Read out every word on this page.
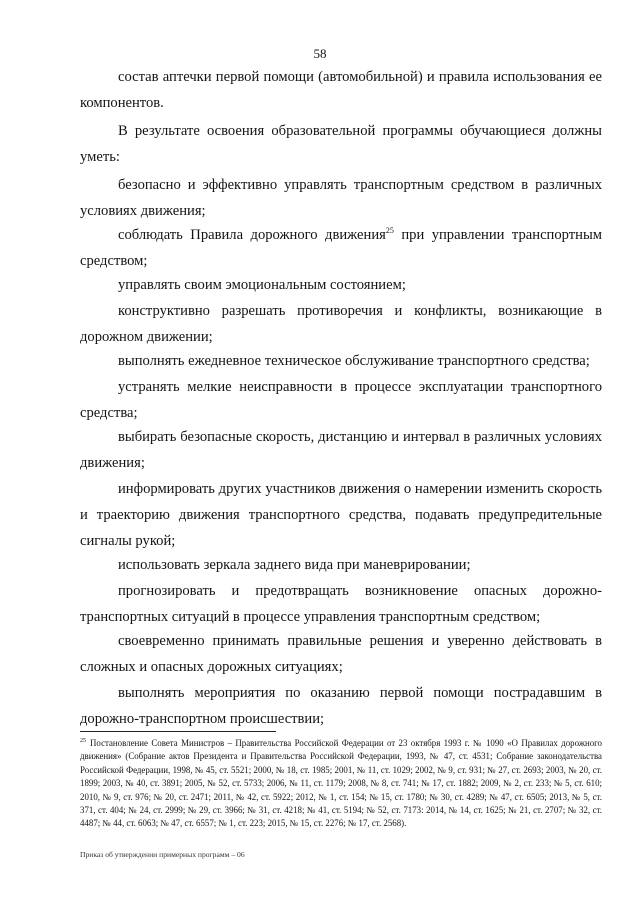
58

состав аптечки первой помощи (автомобильной) и правила использования ее компонентов.

В результате освоения образовательной программы обучающиеся должны уметь:

безопасно и эффективно управлять транспортным средством в различных условиях движения;

соблюдать Правила дорожного движения$^{25}$ при управлении транспортным средством;

управлять своим эмоциональным состоянием;

конструктивно разрешать противоречия и конфликты, возникающие в дорожном движении;

выполнять ежедневное техническое обслуживание транспортного средства;

устранять мелкие неисправности в процессе эксплуатации транспортного средства;

выбирать безопасные скорость, дистанцию и интервал в различных условиях движения;

информировать других участников движения о намерении изменить скорость и траекторию движения транспортного средства, подавать предупредительные сигналы рукой;

использовать зеркала заднего вида при маневрировании;

прогнозировать и предотвращать возникновение опасных дорожно-транспортных ситуаций в процессе управления транспортным средством;

своевременно принимать правильные решения и уверенно действовать в сложных и опасных дорожных ситуациях;

выполнять мероприятия по оказанию первой помощи пострадавшим в дорожно-транспортном происшествии;

$^{25}$ Постановление Совета Министров – Правительства Российской Федерации от 23 октября 1993 г. № 1090 «О Правилах дорожного движения» (Собрание актов Президента и Правительства Российской Федерации, 1993, № 47, ст. 4531; Собрание законодательства Российской Федерации, 1998, № 45, ст. 5521; 2000, № 18, ст. 1985; 2001, № 11, ст. 1029; 2002, № 9, ст. 931; № 27, ст. 2693; 2003, № 20, ст. 1899; 2003, № 40, ст. 3891; 2005, № 52, ст. 5733; 2006, № 11, ст. 1179; 2008, № 8, ст. 741; № 17, ст. 1882; 2009, № 2, ст. 233; № 5, ст. 610; 2010, № 9, ст. 976; № 20, ст. 2471; 2011, № 42, ст. 5922; 2012, № 1, ст. 154; № 15, ст. 1780; № 30, ст. 4289; № 47, ст. 6505; 2013, № 5, ст. 371, ст. 404; № 24, ст. 2999; № 29, ст. 3966; № 31, ст. 4218; № 41, ст. 5194; № 52, ст. 7173: 2014, № 14, ст. 1625; № 21, ст. 2707; № 32, ст. 4487; № 44, ст. 6063; № 47, ст. 6557; № 1, ст. 223; 2015, № 15, ст. 2276; № 17, ст. 2568).

Приказ об утверждении примерных программ – 06
